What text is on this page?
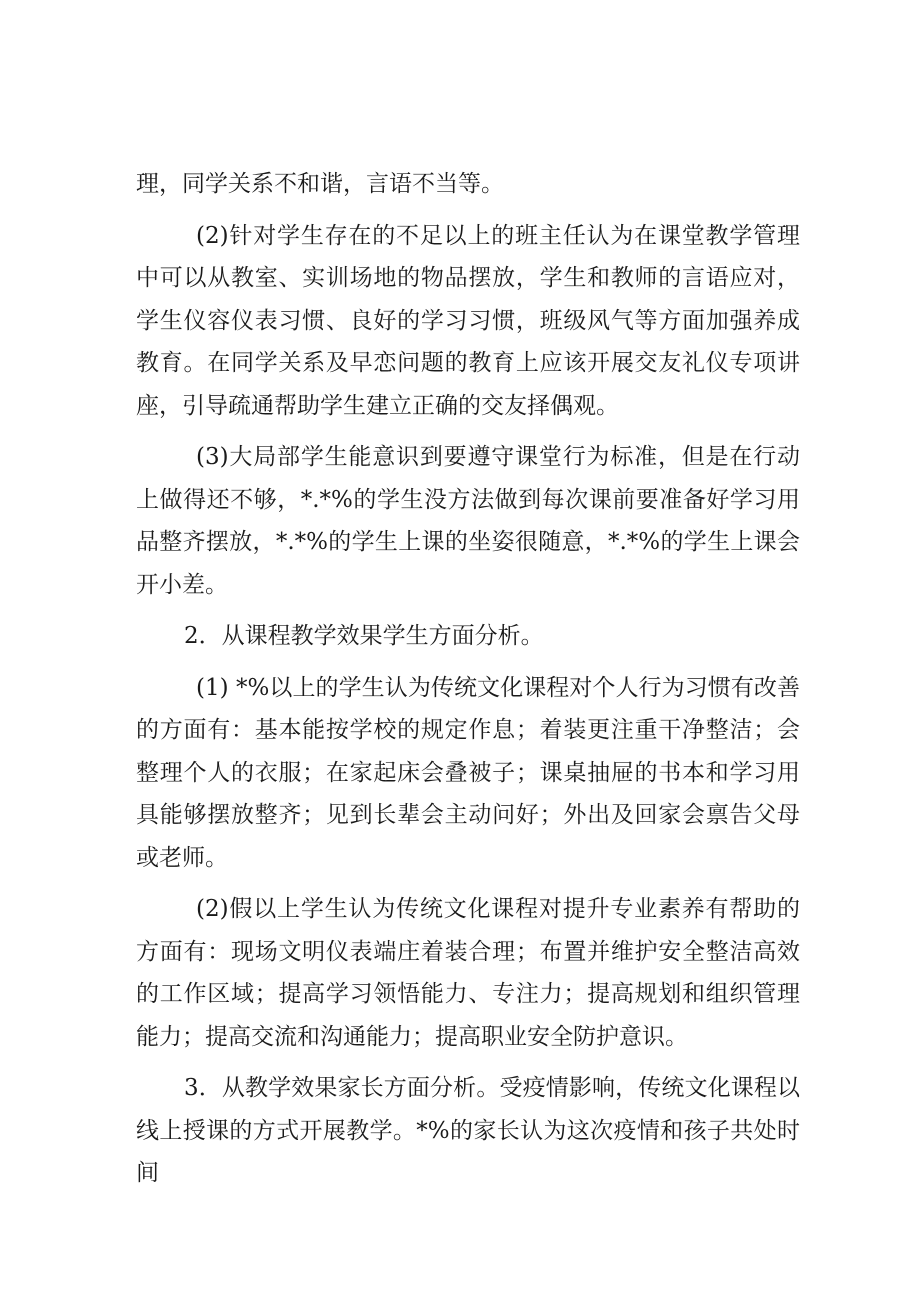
理，同学关系不和谐，言语不当等。

(2)针对学生存在的不足以上的班主任认为在课堂教学管理中可以从教室、实训场地的物品摆放，学生和教师的言语应对，学生仪容仪表习惯、良好的学习习惯，班级风气等方面加强养成教育。在同学关系及早恋问题的教育上应该开展交友礼仪专项讲座，引导疏通帮助学生建立正确的交友择偶观。

(3)大局部学生能意识到要遵守课堂行为标准，但是在行动上做得还不够，*.*%的学生没方法做到每次课前要准备好学习用品整齐摆放，*.*%的学生上课的坐姿很随意，*.*%的学生上课会开小差。

2．从课程教学效果学生方面分析。

(1) *%以上的学生认为传统文化课程对个人行为习惯有改善的方面有：基本能按学校的规定作息；着装更注重干净整洁；会整理个人的衣服；在家起床会叠被子；课桌抽屉的书本和学习用具能够摆放整齐；见到长辈会主动问好；外出及回家会禀告父母或老师。

(2)假以上学生认为传统文化课程对提升专业素养有帮助的方面有：现场文明仪表端庄着装合理；布置并维护安全整洁高效的工作区域；提高学习领悟能力、专注力；提高规划和组织管理能力；提高交流和沟通能力；提高职业安全防护意识。

3．从教学效果家长方面分析。受疫情影响，传统文化课程以线上授课的方式开展教学。*%的家长认为这次疫情和孩子共处时间
